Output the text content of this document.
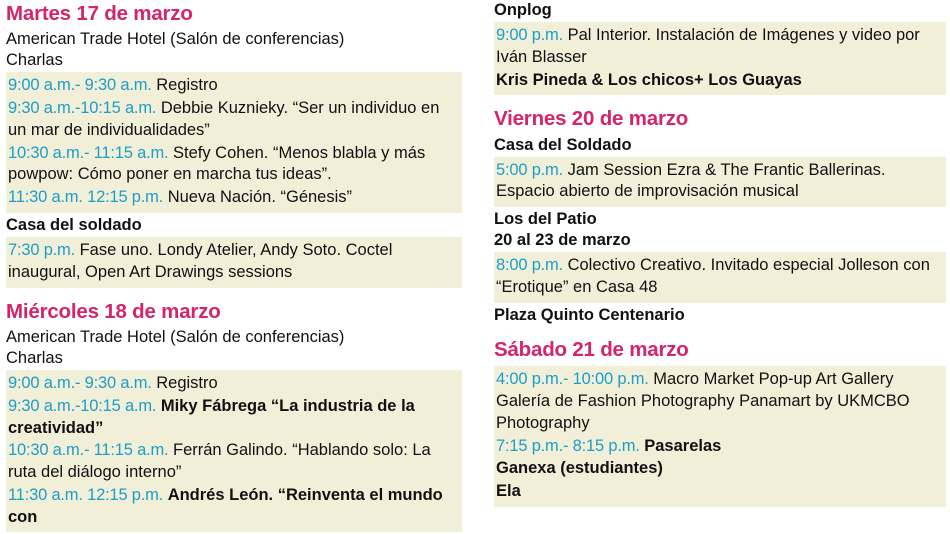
Martes 17 de marzo
American Trade Hotel (Salón de conferencias)
Charlas
9:00 a.m.- 9:30 a.m. Registro
9:30 a.m.-10:15 a.m. Debbie Kuznieky. “Ser un individuo en un mar de individualidades”
10:30 a.m.- 11:15 a.m. Stefy Cohen. “Menos blabla y más powpow: Cómo poner en marcha tus ideas”.
11:30 a.m. 12:15 p.m. Nueva Nación. “Génesis”
Casa del soldado
7:30 p.m. Fase uno. Londy Atelier, Andy Soto. Coctel inaugural, Open Art Drawings sessions
Miércoles 18 de marzo
American Trade Hotel (Salón de conferencias)
Charlas
9:00 a.m.- 9:30 a.m. Registro
9:30 a.m.-10:15 a.m. Miky Fábrega “La industria de la creatividad”
10:30 a.m.- 11:15 a.m. Ferrán Galindo. “Hablando solo: La ruta del diálogo interno”
11:30 a.m. 12:15 p.m. Andrés León. “Reinventa el mundo con
Onplog
9:00 p.m. Pal Interior. Instalación de Imágenes y video por Iván Blasser
Kris Pineda & Los chicos+ Los Guayas
Viernes 20 de marzo
Casa del Soldado
5:00 p.m. Jam Session Ezra & The Frantic Ballerinas. Espacio abierto de improvisación musical
Los del Patio
20 al 23 de marzo
8:00 p.m. Colectivo Creativo. Invitado especial Jolleson con “Erotique” en Casa 48
Plaza Quinto Centenario
Sábado 21 de marzo
4:00 p.m.- 10:00 p.m. Macro Market Pop-up Art Gallery Galería de Fashion Photography Panamart by UKMCBO Photography
7:15 p.m.- 8:15 p.m. Pasarelas
Ganexa (estudiantes)
Ela
